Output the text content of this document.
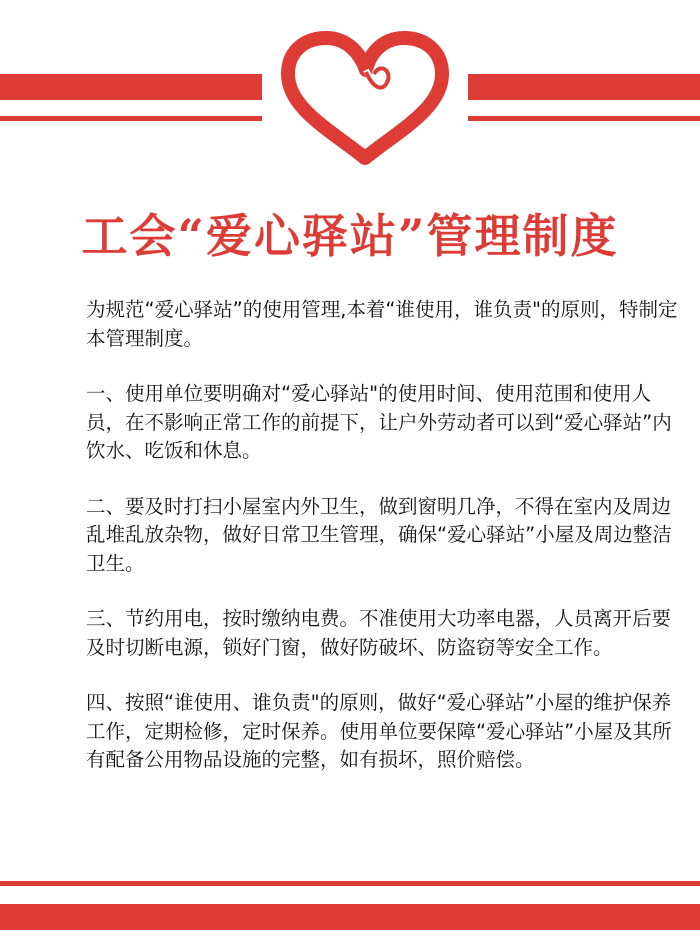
工会“爱心驿站”管理制度

为规范“爱心驿站”的使用管理,本着“谁使用，谁负责"的原则，特制定本管理制度。

一、使用单位要明确对“爱心驿站"的使用时间、使用范围和使用人员，在不影响正常工作的前提下，让户外劳动者可以到“爱心驿站”内饮水、吃饭和休息。

二、要及时打扫小屋室内外卫生，做到窗明几净，不得在室内及周边乱堆乱放杂物，做好日常卫生管理，确保“爱心驿站”小屋及周边整洁卫生。

三、节约用电，按时缴纳电费。不准使用大功率电器，人员离开后要及时切断电源，锁好门窗，做好防破坏、防盗窃等安全工作。

四、按照“谁使用、谁负责"的原则，做好“爱心驿站”小屋的维护保养工作，定期检修，定时保养。使用单位要保障“爱心驿站”小屋及其所有配备公用物品设施的完整，如有损坏，照价赔偿。
